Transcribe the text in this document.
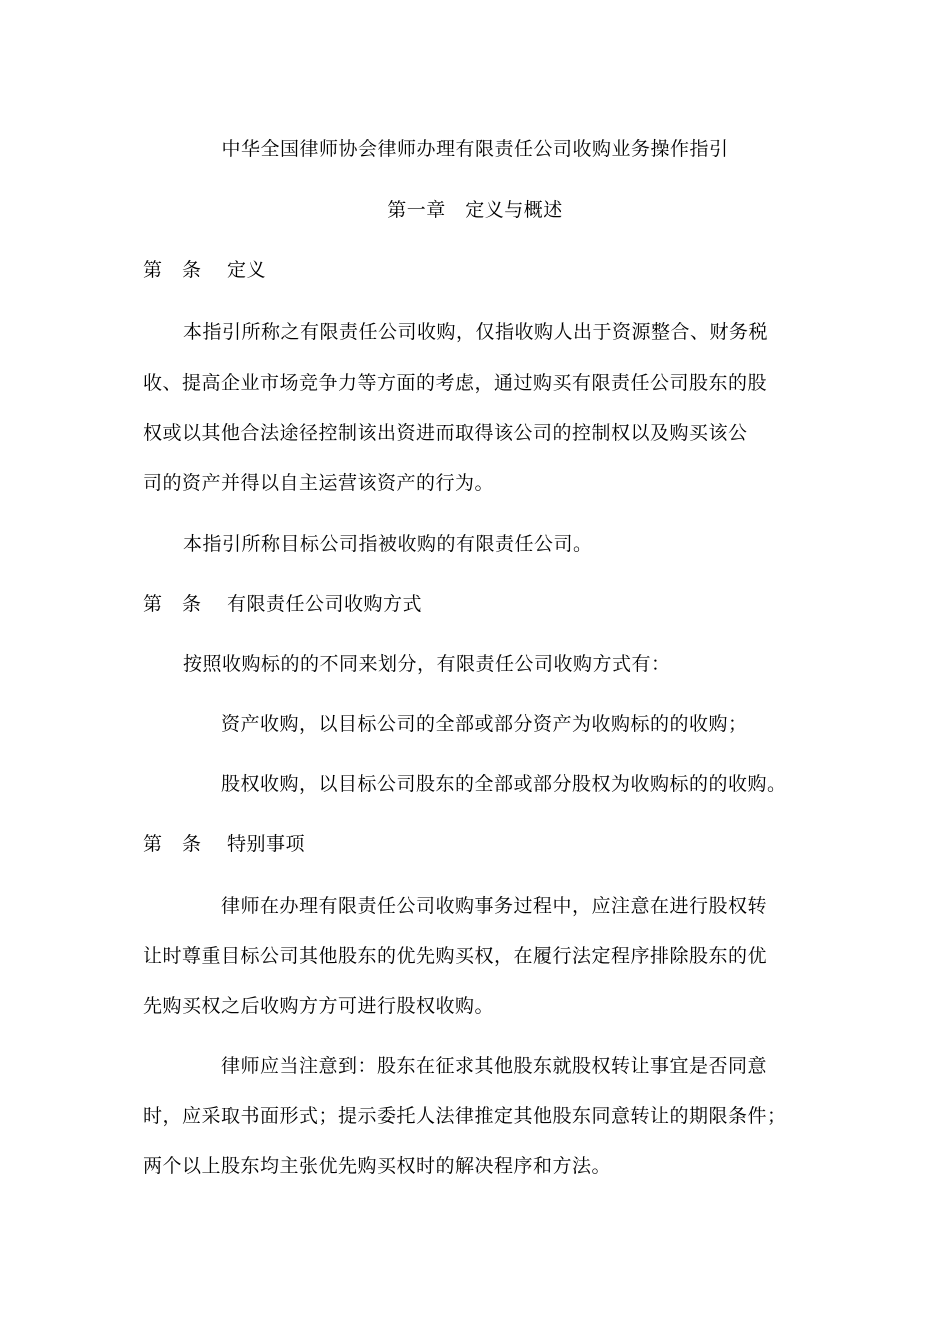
中华全国律师协会律师办理有限责任公司收购业务操作指引
第一章　定义与概述
第　条 定义
本指引所称之有限责任公司收购，仅指收购人出于资源整合、财务税
收、提高企业市场竞争力等方面的考虑，通过购买有限责任公司股东的股
权或以其他合法途径控制该出资进而取得该公司的控制权以及购买该公
司的资产并得以自主运营该资产的行为。
本指引所称目标公司指被收购的有限责任公司。
第　条 有限责任公司收购方式
按照收购标的的不同来划分，有限责任公司收购方式有：
资产收购，以目标公司的全部或部分资产为收购标的的收购；
股权收购，以目标公司股东的全部或部分股权为收购标的的收购。
第　条 特别事项
律师在办理有限责任公司收购事务过程中，应注意在进行股权转
让时尊重目标公司其他股东的优先购买权，在履行法定程序排除股东的优
先购买权之后收购方方可进行股权收购。
律师应当注意到：股东在征求其他股东就股权转让事宜是否同意
时，应采取书面形式；提示委托人法律推定其他股东同意转让的期限条件；
两个以上股东均主张优先购买权时的解决程序和方法。
